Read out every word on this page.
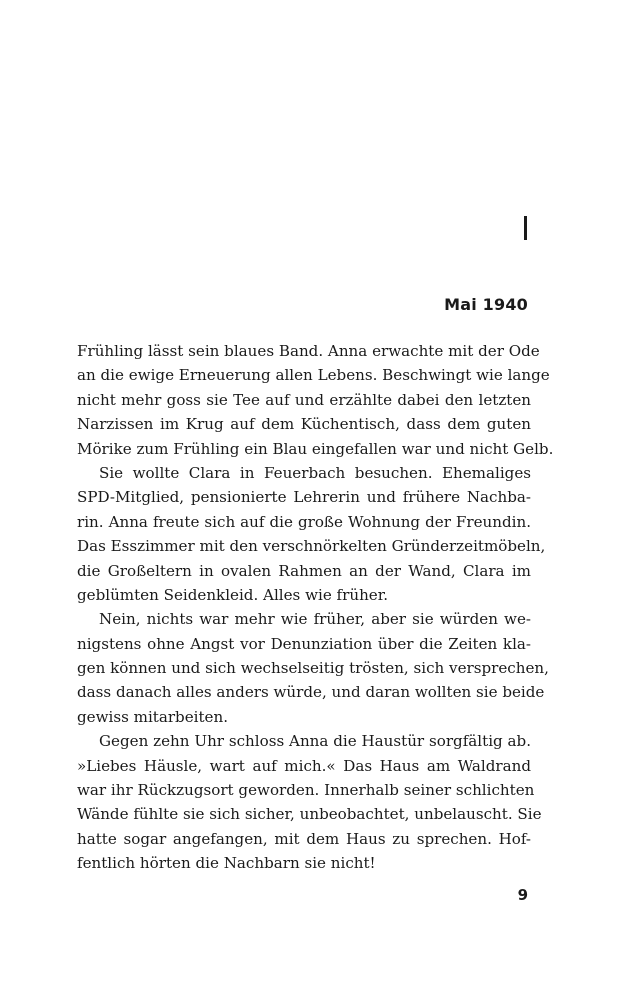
Mai 1940
Frühling lässt sein blaues Band. Anna erwachte mit der Ode
an die ewige Erneuerung allen Lebens. Beschwingt wie lange
nicht mehr goss sie Tee auf und erzählte dabei den letzten
Narzissen im Krug auf dem Küchentisch, dass dem guten
Mörike zum Frühling ein Blau eingefallen war und nicht Gelb.
Sie wollte Clara in Feuerbach besuchen. Ehemaliges
SPD-Mitglied, pensionierte Lehrerin und frühere Nachba-
rin. Anna freute sich auf die große Wohnung der Freundin.
Das Esszimmer mit den verschnörkelten Gründerzeitmöbeln,
die Großeltern in ovalen Rahmen an der Wand, Clara im
geblümten Seidenkleid. Alles wie früher.
Nein, nichts war mehr wie früher, aber sie würden we-
nigstens ohne Angst vor Denunziation über die Zeiten kla-
gen können und sich wechselseitig trösten, sich versprechen,
dass danach alles anders würde, und daran wollten sie beide
gewiss mitarbeiten.
Gegen zehn Uhr schloss Anna die Haustür sorgfältig ab.
»Liebes Häusle, wart auf mich.« Das Haus am Waldrand
war ihr Rückzugsort geworden. Innerhalb seiner schlichten
Wände fühlte sie sich sicher, unbeobachtet, unbelauscht. Sie
hatte sogar angefangen, mit dem Haus zu sprechen. Hof-
fentlich hörten die Nachbarn sie nicht!
9
